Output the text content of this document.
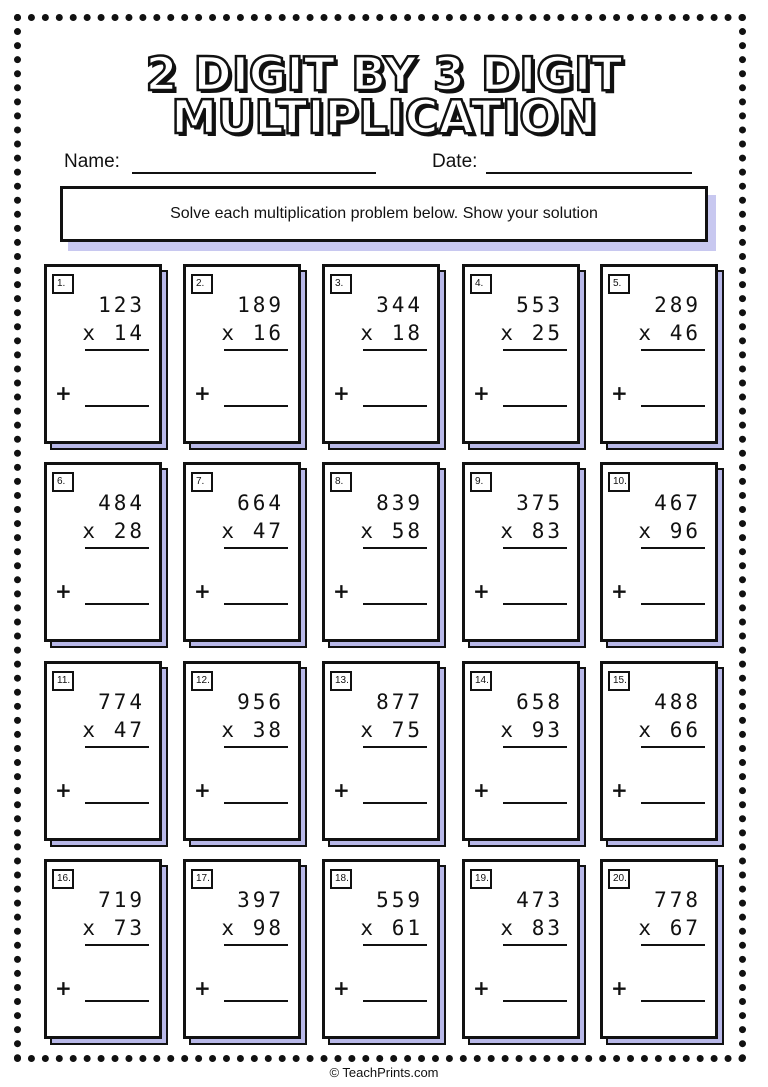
2 DIGIT BY 3 DIGIT
MULTIPLICATION
Name:	Date:
Solve each multiplication problem below. Show your solution
1.
123
x 14
+
2.
189
x 16
+
3.
344
x 18
+
4.
553
x 25
+
5.
289
x 46
+
6.
484
x 28
+
7.
664
x 47
+
8.
839
x 58
+
9.
375
x 83
+
10.
467
x 96
+
11.
774
x 47
+
12.
956
x 38
+
13.
877
x 75
+
14.
658
x 93
+
15.
488
x 66
+
16.
719
x 73
+
17.
397
x 98
+
18.
559
x 61
+
19.
473
x 83
+
20.
778
x 67
+
© TeachPrints.com
